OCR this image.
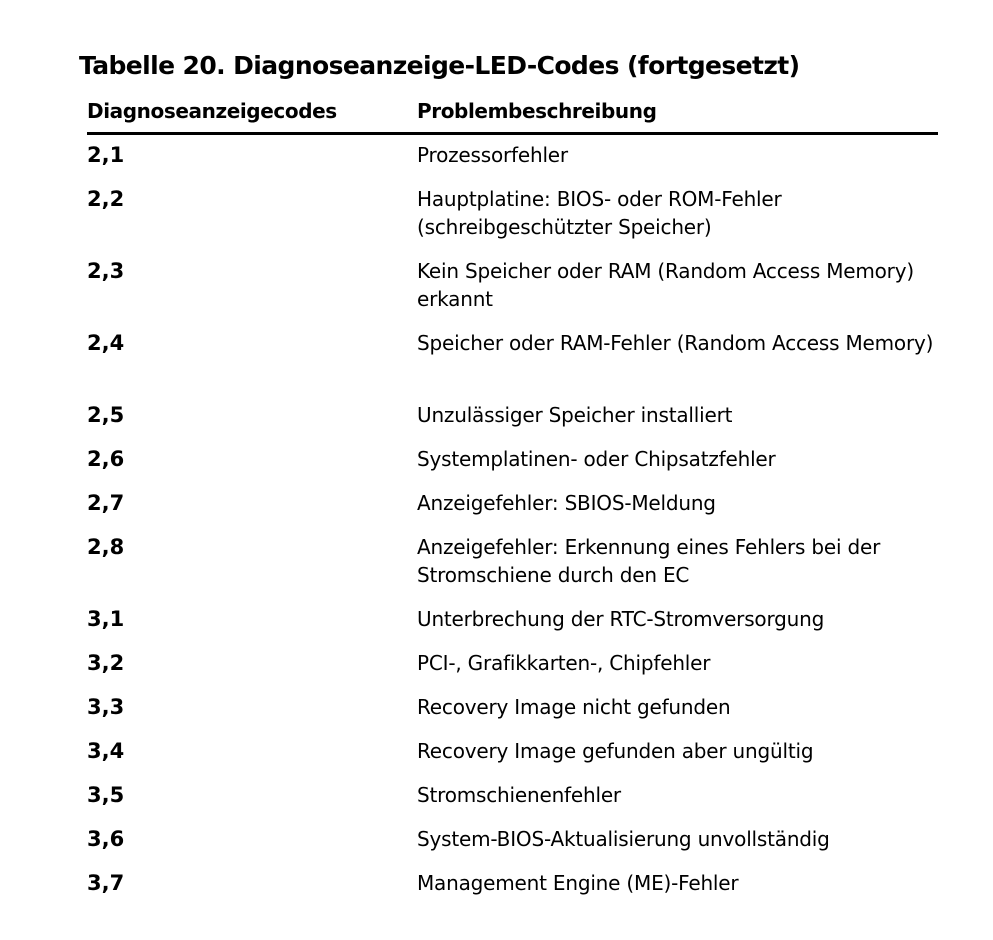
Tabelle 20. Diagnoseanzeige-LED-Codes (fortgesetzt)
Diagnoseanzeigecodes	Problembeschreibung
2,1	Prozessorfehler
2,2	Hauptplatine: BIOS- oder ROM-Fehler (schreibgeschützter Speicher)
2,3	Kein Speicher oder RAM (Random Access Memory) erkannt
2,4	Speicher oder RAM-Fehler (Random Access Memory)
2,5	Unzulässiger Speicher installiert
2,6	Systemplatinen- oder Chipsatzfehler
2,7	Anzeigefehler: SBIOS-Meldung
2,8	Anzeigefehler: Erkennung eines Fehlers bei der Stromschiene durch den EC
3,1	Unterbrechung der RTC-Stromversorgung
3,2	PCI-, Grafikkarten-, Chipfehler
3,3	Recovery Image nicht gefunden
3,4	Recovery Image gefunden aber ungültig
3,5	Stromschienenfehler
3,6	System-BIOS-Aktualisierung unvollständig
3,7	Management Engine (ME)-Fehler
